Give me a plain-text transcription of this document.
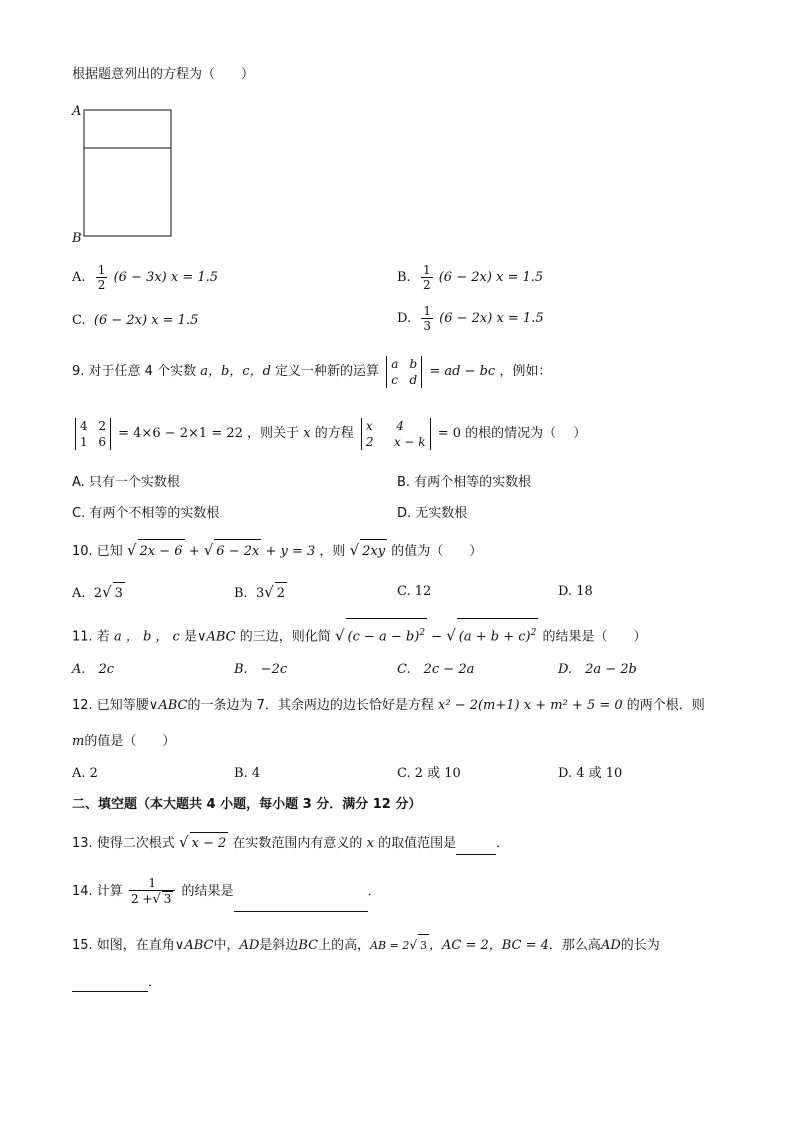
根据题意列出的方程为（　　）
A
B
A. $\frac{1}{2} (6 - 3x) x = 1.5$	B. $\frac{1}{2} (6 - 2x) x = 1.5$
C. (6 − 2x) x = 1.5	D. $\frac{1}{3} (6 - 2x) x = 1.5$
9. 对于任意 4 个实数 a，b，c，d 定义一种新的运算
a b
c d
= ad − bc ，例如：
4 2
1 6
= 4×6 − 2×1 = 22 ，则关于 x 的方程
x 4
2 x − k
= 0 的根的情况为（　 ）
A. 只有一个实数根	B. 有两个相等的实数根
C. 有两个不相等的实数根	D. 无实数根
10. 已知 √ 2x − 6 + √ 6 − 2x + y = 3 ，则 √ 2xy 的值为（　　）
A. 2√ 3	B. 3√ 2	C. 12	D. 18
11. 若 a ， b ， c 是∨ABC 的三边，则化简 √ $(c - a - b)^2$ − √ $(a + b + c)^2$ 的结果是（　　）
A.　2c	B.　−2c	C.　2c − 2a	D.　2a − 2b
12. 已知等腰∨ABC的一条边为 7．其余两边的边长恰好是方程 x² − 2(m+1) x + m² + 5 = 0 的两个根．则
m的值是（　　）
A. 2	B. 4	C. 2 或 10	D. 4 或 10
二、填空题（本大题共 4 小题，每小题 3 分．满分 12 分）
13. 使得二次根式 √ x − 2 在实数范围内有意义的 x 的取值范围是	．
14. 计算 $\frac{1}{2 +√ 3}$ 的结果是	．
15. 如图，在直角∨ABC中，AD是斜边BC上的高，AB = 2√ 3 ，AC = 2，BC = 4．那么高AD的长为
．
